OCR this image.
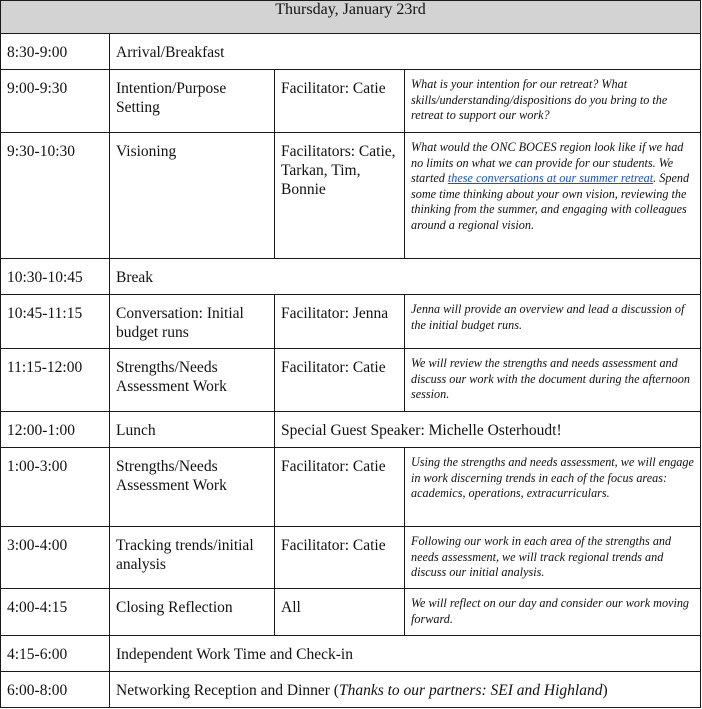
Thursday, January 23rd			
8:30-9:00	Arrival/Breakfast		
9:00-9:30	Intention/Purpose Setting	Facilitator: Catie	What is your intention for our retreat? What skills/understanding/dispositions do you bring to the retreat to support our work?
9:30-10:30	Visioning	Facilitators: Catie, Tarkan, Tim, Bonnie	What would the ONC BOCES region look like if we had no limits on what we can provide for our students. We started these conversations at our summer retreat. Spend some time thinking about your own vision, reviewing the thinking from the summer, and engaging with colleagues around a regional vision.
10:30-10:45	Break		
10:45-11:15	Conversation: Initial budget runs	Facilitator: Jenna	Jenna will provide an overview and lead a discussion of the initial budget runs.
11:15-12:00	Strengths/Needs Assessment Work	Facilitator: Catie	We will review the strengths and needs assessment and discuss our work with the document during the afternoon session.
12:00-1:00	Lunch	Special Guest Speaker: Michelle Osterhoudt!	
1:00-3:00	Strengths/Needs Assessment Work	Facilitator: Catie	Using the strengths and needs assessment, we will engage in work discerning trends in each of the focus areas: academics, operations, extracurriculars.
3:00-4:00	Tracking trends/initial analysis	Facilitator: Catie	Following our work in each area of the strengths and needs assessment, we will track regional trends and discuss our initial analysis.
4:00-4:15	Closing Reflection	All	We will reflect on our day and consider our work moving forward.
4:15-6:00	Independent Work Time and Check-in		
6:00-8:00	Networking Reception and Dinner (Thanks to our partners: SEI and Highland)		
